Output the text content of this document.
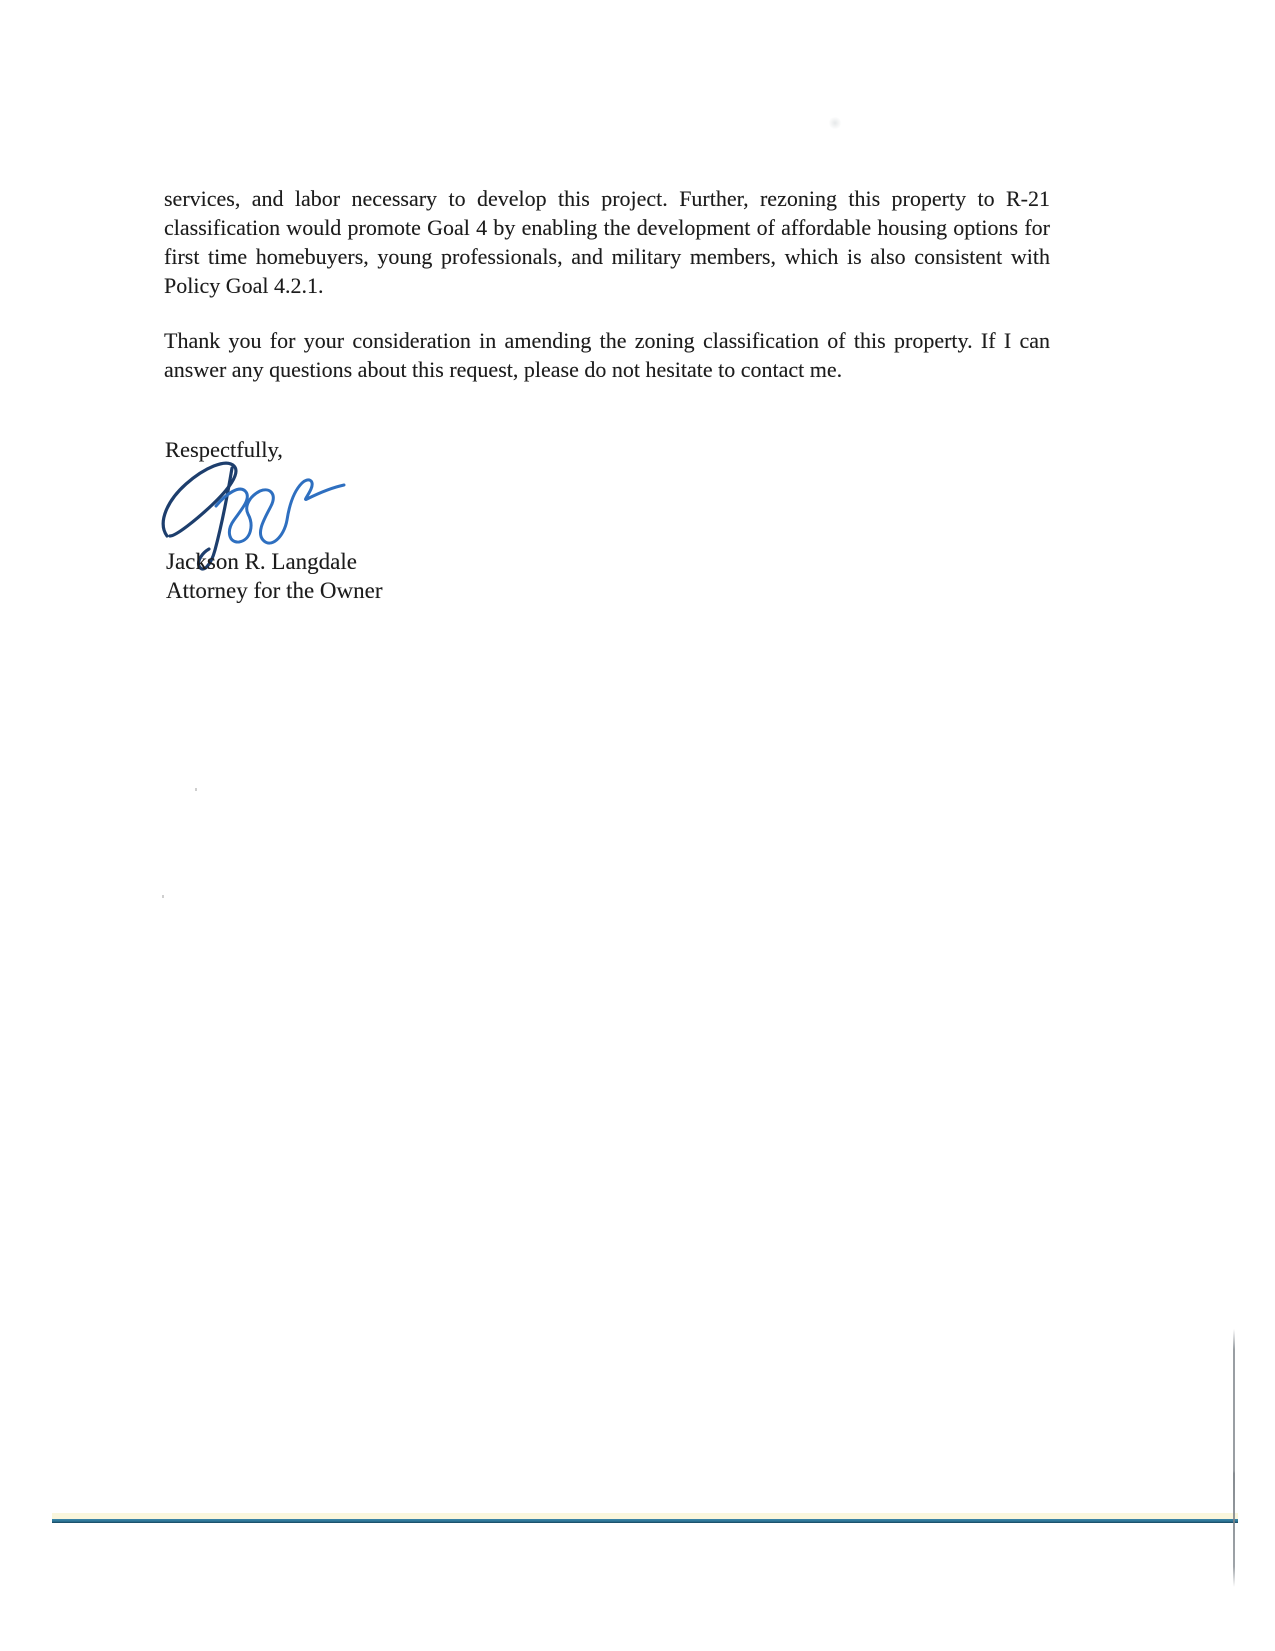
services, and labor necessary to develop this project. Further, rezoning this property to R-21 classification would promote Goal 4 by enabling the development of affordable housing options for first time homebuyers, young professionals, and military members, which is also consistent with Policy Goal 4.2.1.

Thank you for your consideration in amending the zoning classification of this property. If I can answer any questions about this request, please do not hesitate to contact me.

Respectfully,
Jackson R. Langdale
Attorney for the Owner
